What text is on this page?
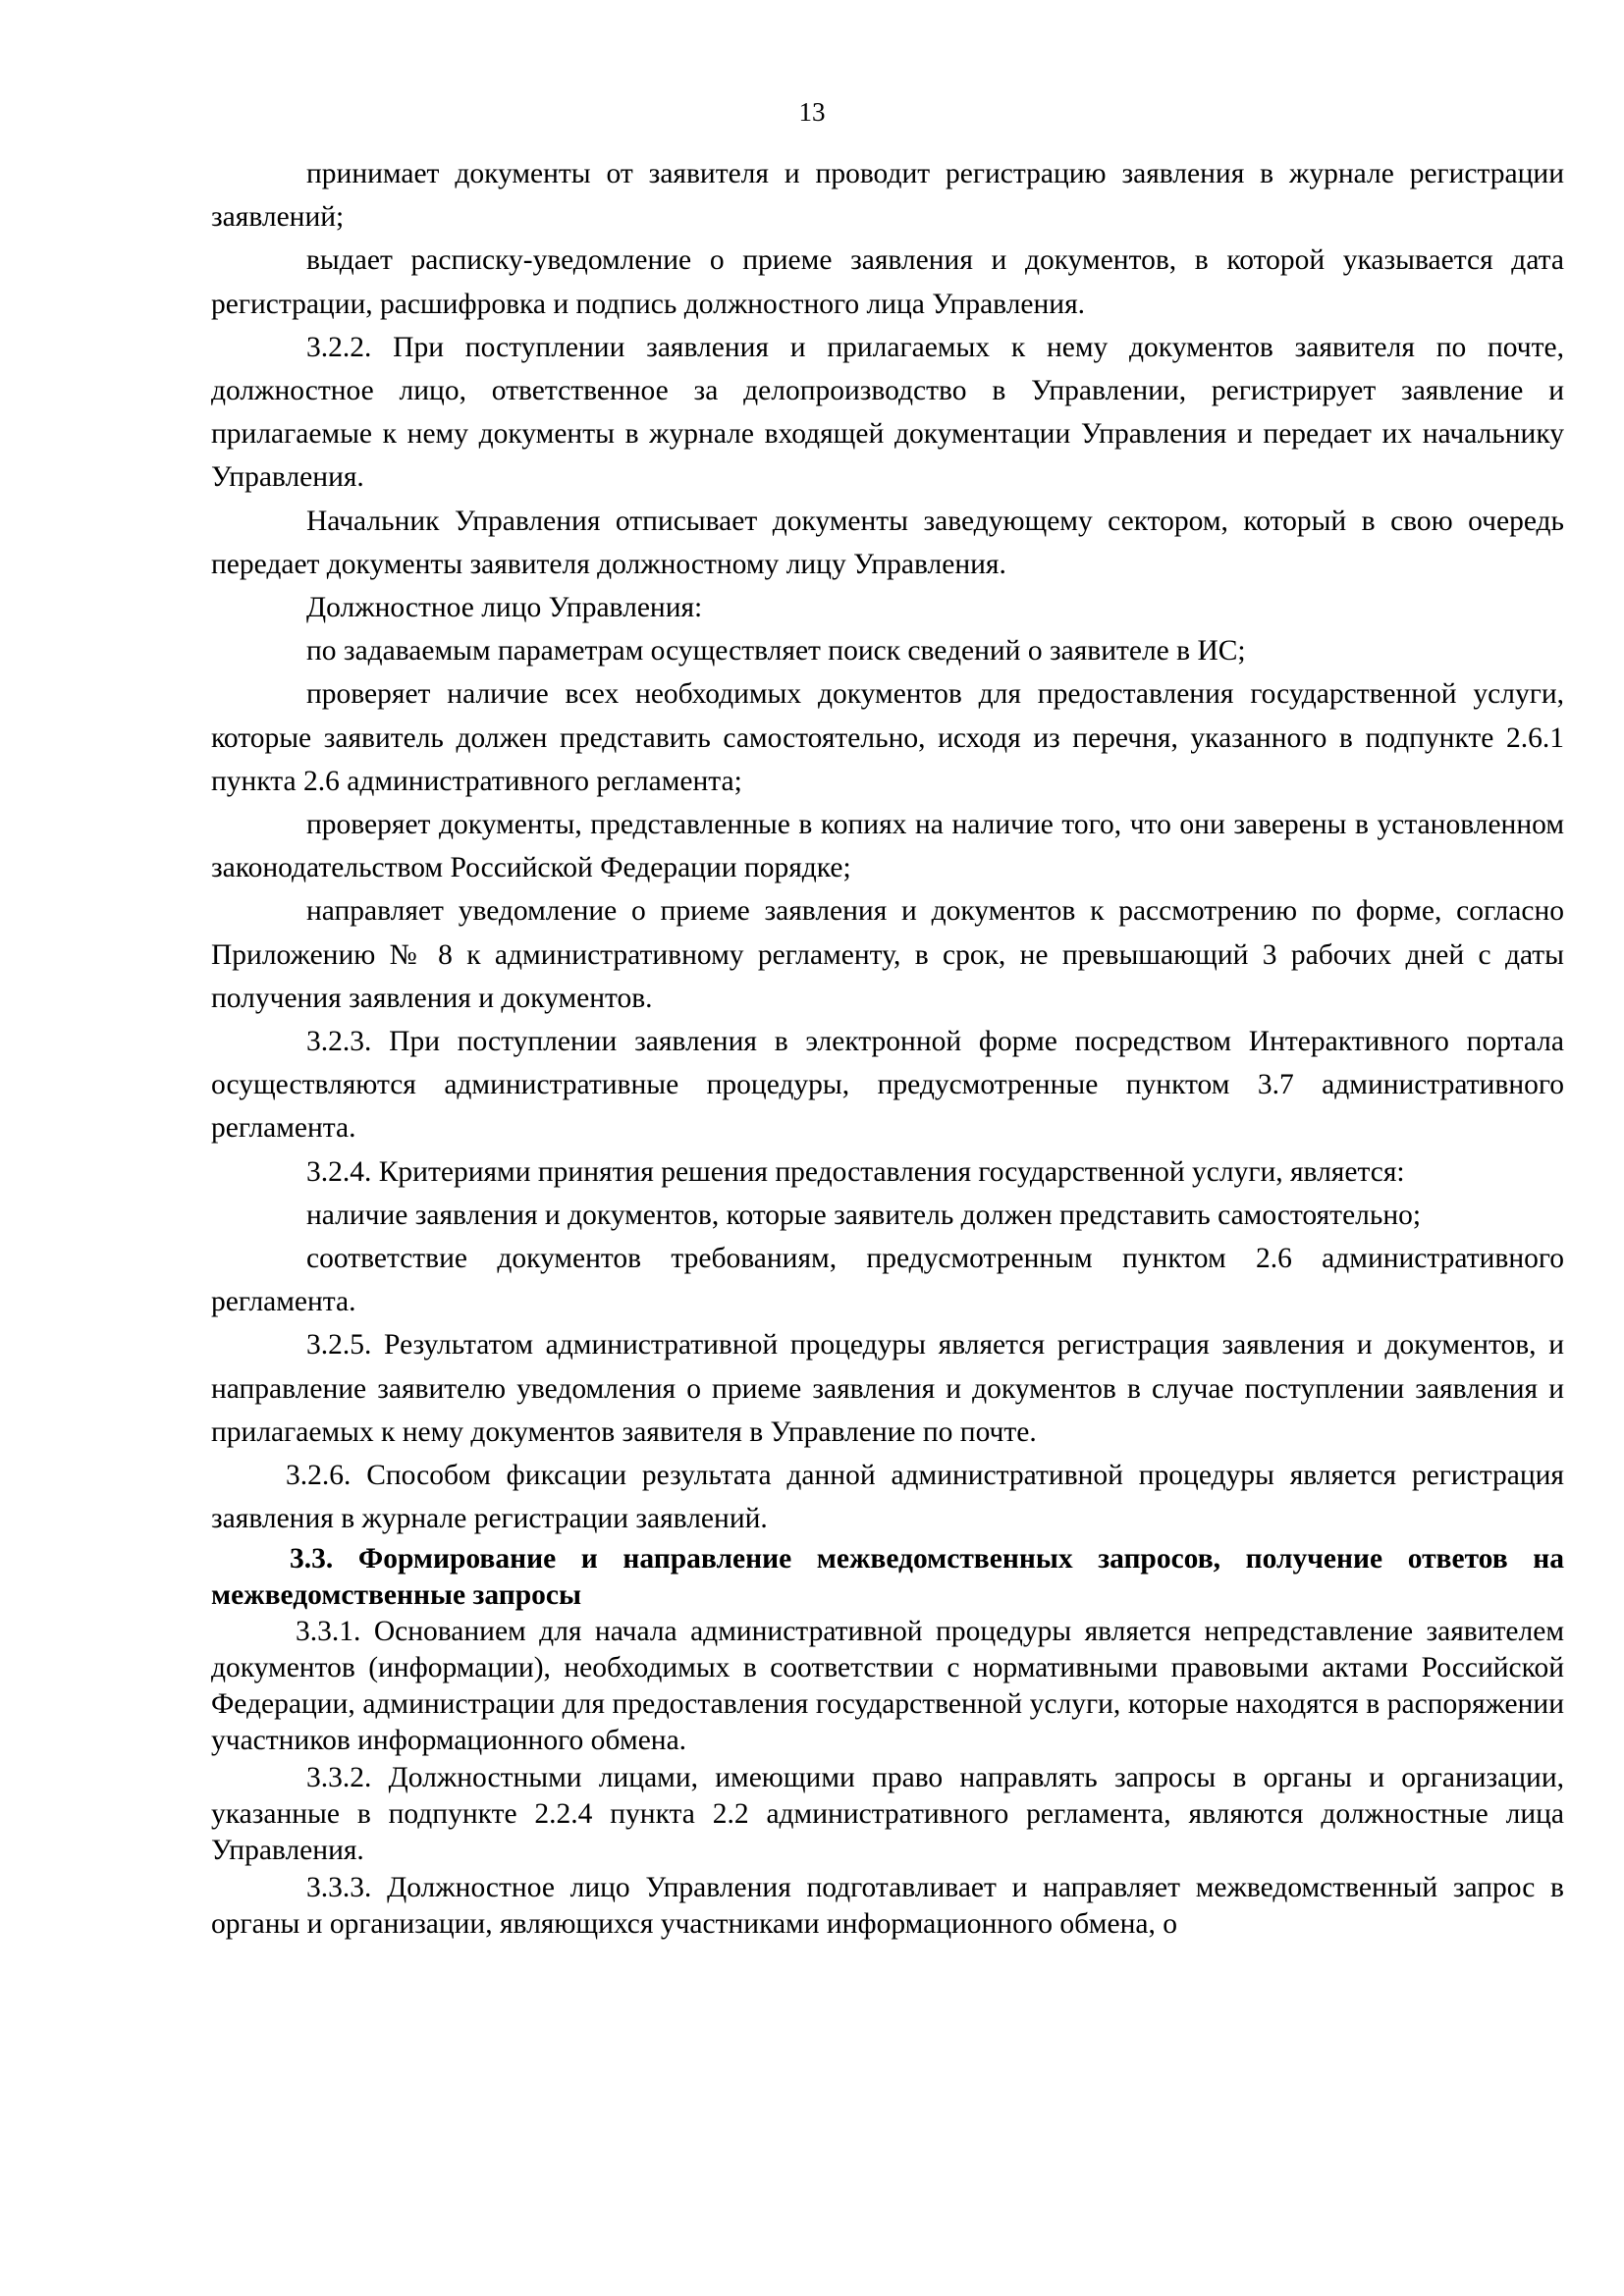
13

принимает документы от заявителя и проводит регистрацию заявления в журнале регистрации заявлений;

выдает расписку-уведомление о приеме заявления и документов, в которой указывается дата регистрации, расшифровка и подпись должностного лица Управления.

3.2.2. При поступлении заявления и прилагаемых к нему документов заявителя по почте, должностное лицо, ответственное за делопроизводство в Управлении, регистрирует заявление и прилагаемые к нему документы в журнале входящей документации Управления и передает их начальнику Управления.

Начальник Управления отписывает документы заведующему сектором, который в свою очередь передает документы заявителя должностному лицу Управления.

Должностное лицо Управления:

по задаваемым параметрам осуществляет поиск сведений о заявителе в ИС;

проверяет наличие всех необходимых документов для предоставления государственной услуги, которые заявитель должен представить самостоятельно, исходя из перечня, указанного в подпункте 2.6.1 пункта 2.6 административного регламента;

проверяет документы, представленные в копиях на наличие того, что они заверены в установленном законодательством Российской Федерации порядке;

направляет уведомление о приеме заявления и документов к рассмотрению по форме, согласно Приложению № 8 к административному регламенту, в срок, не превышающий 3 рабочих дней с даты получения заявления и документов.

3.2.3. При поступлении заявления в электронной форме посредством Интерактивного портала осуществляются административные процедуры, предусмотренные пунктом 3.7 административного регламента.

3.2.4. Критериями принятия решения предоставления государственной услуги, является:

наличие заявления и документов, которые заявитель должен представить самостоятельно;

соответствие документов требованиям, предусмотренным пунктом 2.6 административного регламента.

3.2.5. Результатом административной процедуры является регистрация заявления и документов, и направление заявителю уведомления о приеме заявления и документов в случае поступлении заявления и прилагаемых к нему документов заявителя в Управление по почте.

3.2.6. Способом фиксации результата данной административной процедуры является регистрация заявления в журнале регистрации заявлений.

3.3. Формирование и направление межведомственных запросов, получение ответов на межведомственные запросы

3.3.1. Основанием для начала административной процедуры является непредставление заявителем документов (информации), необходимых в соответствии с нормативными правовыми актами Российской Федерации, администрации для предоставления государственной услуги, которые находятся в распоряжении участников информационного обмена.

3.3.2. Должностными лицами, имеющими право направлять запросы в органы и организации, указанные в подпункте 2.2.4 пункта 2.2 административного регламента, являются должностные лица Управления.

3.3.3. Должностное лицо Управления подготавливает и направляет межведомственный запрос в органы и организации, являющихся участниками информационного обмена, о
